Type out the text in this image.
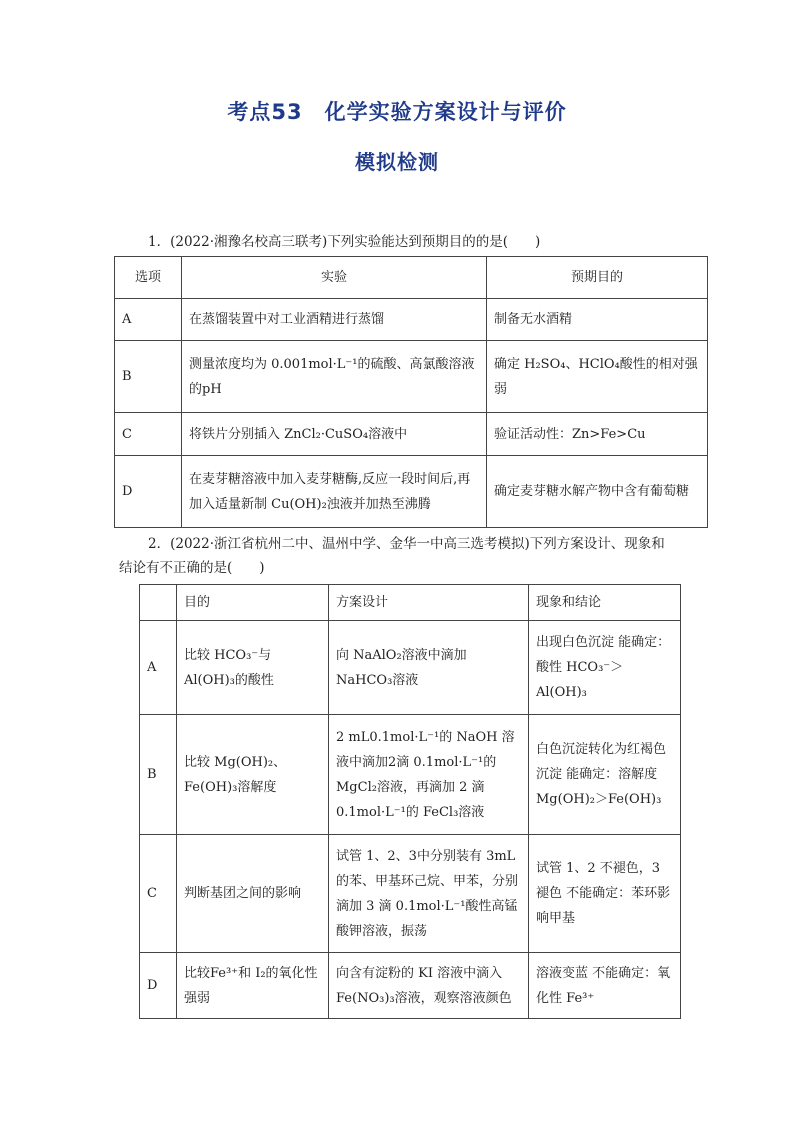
考点53　化学实验方案设计与评价
模拟检测
1．(2022·湘豫名校高三联考)下列实验能达到预期目的的是(　　)
选项	实验	预期目的
A	在蒸馏装置中对工业酒精进行蒸馏	制备无水酒精
B	测量浓度均为 0.001mol·L⁻¹的硫酸、高氯酸溶液的pH	确定 H₂SO₄、HClO₄酸性的相对强弱
C	将铁片分别插入 ZnCl₂·CuSO₄溶液中	验证活动性：Zn>Fe>Cu
D	在麦芽糖溶液中加入麦芽糖酶,反应一段时间后,再加入适量新制 Cu(OH)₂浊液并加热至沸腾	确定麦芽糖水解产物中含有葡萄糖
2．(2022·浙江省杭州二中、温州中学、金华一中高三选考模拟)下列方案设计、现象和
结论有不正确的是(　　)
	目的	方案设计	现象和结论
A	比较 HCO₃⁻与 Al(OH)₃的酸性	向 NaAlO₂溶液中滴加 NaHCO₃溶液	出现白色沉淀 能确定：酸性 HCO₃⁻＞Al(OH)₃
B	比较 Mg(OH)₂、Fe(OH)₃溶解度	2 mL0.1mol·L⁻¹的 NaOH 溶液中滴加2滴 0.1mol·L⁻¹的MgCl₂溶液，再滴加 2 滴 0.1mol·L⁻¹的 FeCl₃溶液	白色沉淀转化为红褐色沉淀 能确定：溶解度 Mg(OH)₂＞Fe(OH)₃
C	判断基团之间的影响	试管 1、2、3中分别装有 3mL的苯、甲基环己烷、甲苯，分别滴加 3 滴 0.1mol·L⁻¹酸性高锰酸钾溶液，振荡	试管 1、2 不褪色，3 褪色 不能确定：苯环影响甲基
D	比较Fe³⁺和 I₂的氧化性强弱	向含有淀粉的 KI 溶液中滴入 Fe(NO₃)₃溶液，观察溶液颜色	溶液变蓝 不能确定：氧化性 Fe³⁺
